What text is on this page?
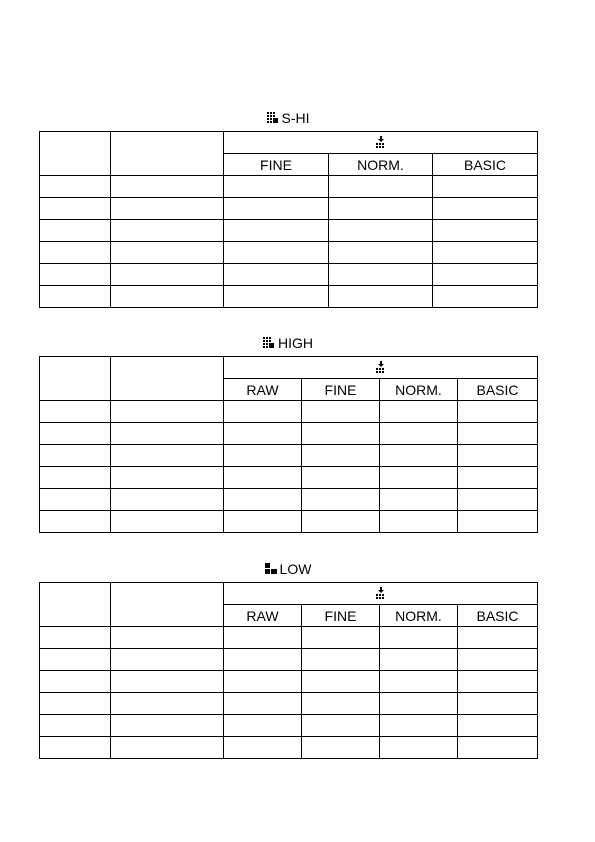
S-HI

		FINE	NORM.	BASIC

HIGH

		RAW	FINE	NORM.	BASIC

LOW

		RAW	FINE	NORM.	BASIC
